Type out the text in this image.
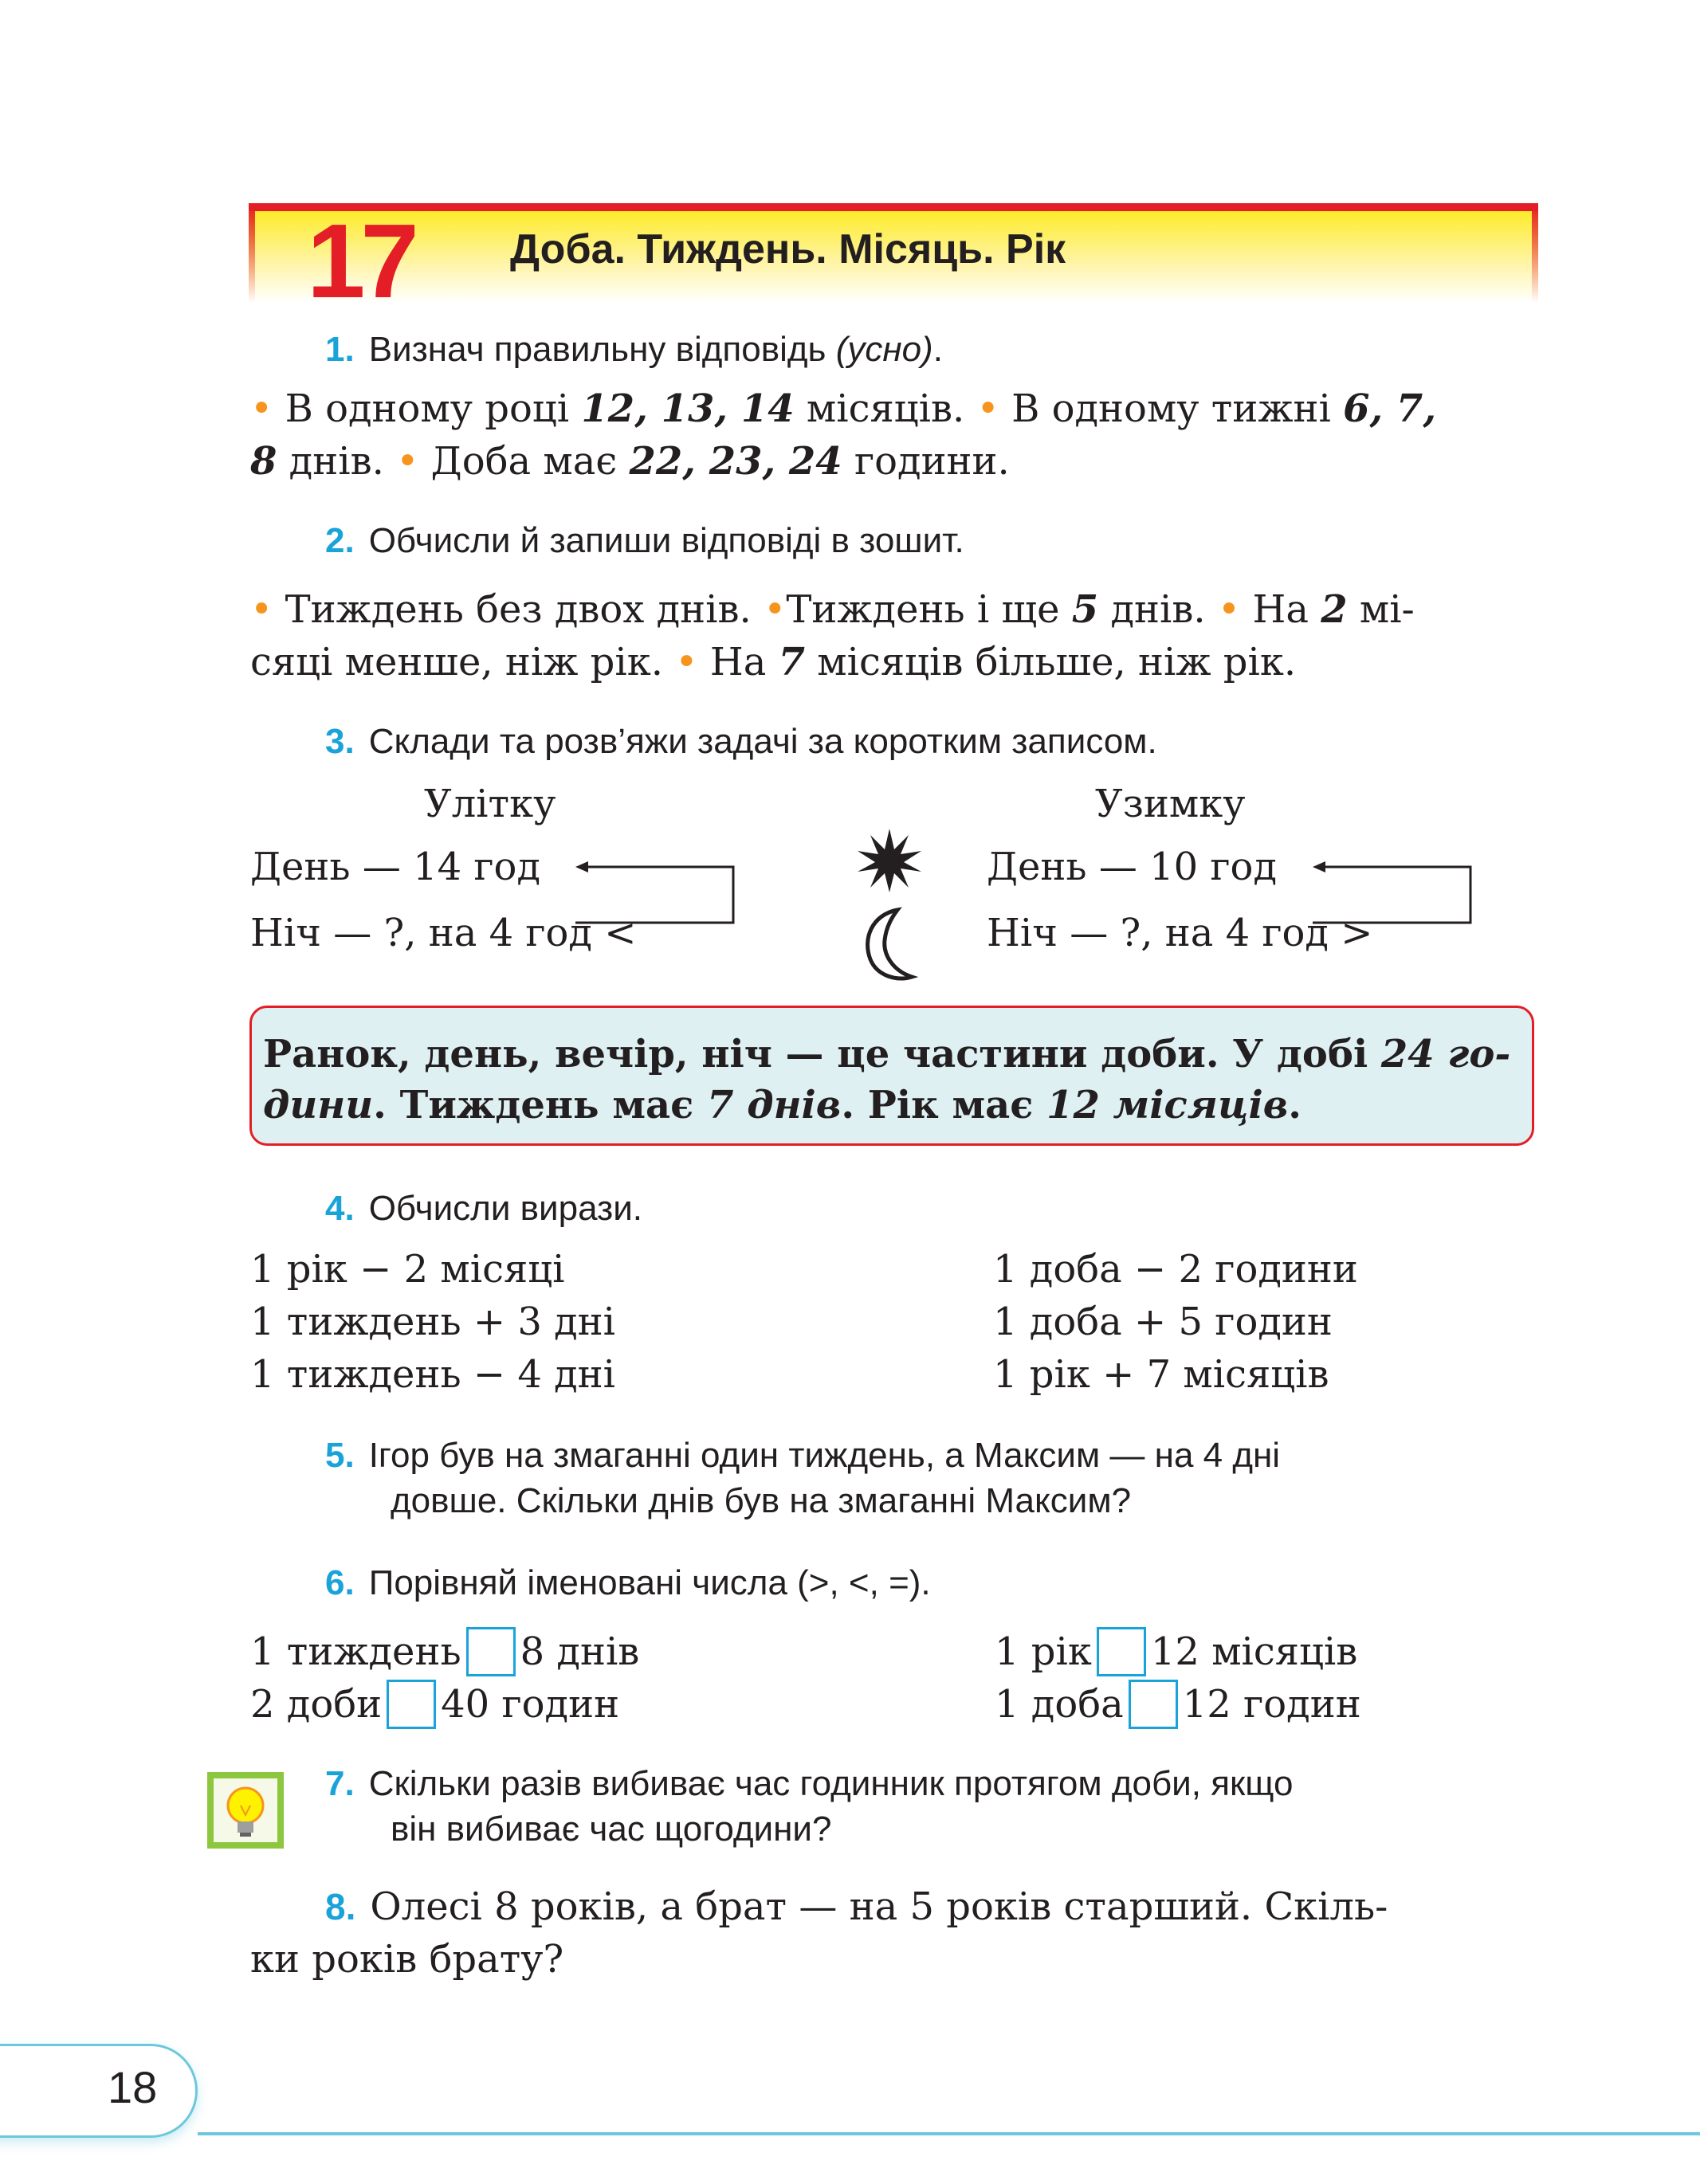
17 Доба. Тиждень. Місяць. Рік
1. Визнач правильну відповідь (усно).
• В одному році 12, 13, 14 місяців. • В одному тижні 6, 7,
8 днів. • Доба має 22, 23, 24 години.
2. Обчисли й запиши відповіді в зошит.
• Тиждень без двох днів. •Тиждень і ще 5 днів. • На 2 мі-
сяці менше, ніж рік. • На 7 місяців більше, ніж рік.
3. Склади та розв’яжи задачі за коротким записом.
Улітку
День — 14 год
Ніч — ?, на 4 год <
Узимку
День — 10 год
Ніч — ?, на 4 год >
Ранок, день, вечір, ніч — це частини доби. У добі 24 го-
дини. Тиждень має 7 днів. Рік має 12 місяців.
4. Обчисли вирази.
1 рік − 2 місяці
1 тиждень + 3 дні
1 тиждень − 4 дні
1 доба − 2 години
1 доба + 5 годин
1 рік + 7 місяців
5. Ігор був на змаганні один тиждень, а Максим — на 4 дні
довше. Скільки днів був на змаганні Максим?
6. Порівняй іменовані числа (>, <, =).
1 тиждень 8 днів
2 доби 40 годин
1 рік 12 місяців
1 доба 12 годин
7. Скільки разів вибиває час годинник протягом доби, якщо
він вибиває час щогодини?
8. Олесі 8 років, а брат — на 5 років старший. Скіль-
ки років брату?
18
